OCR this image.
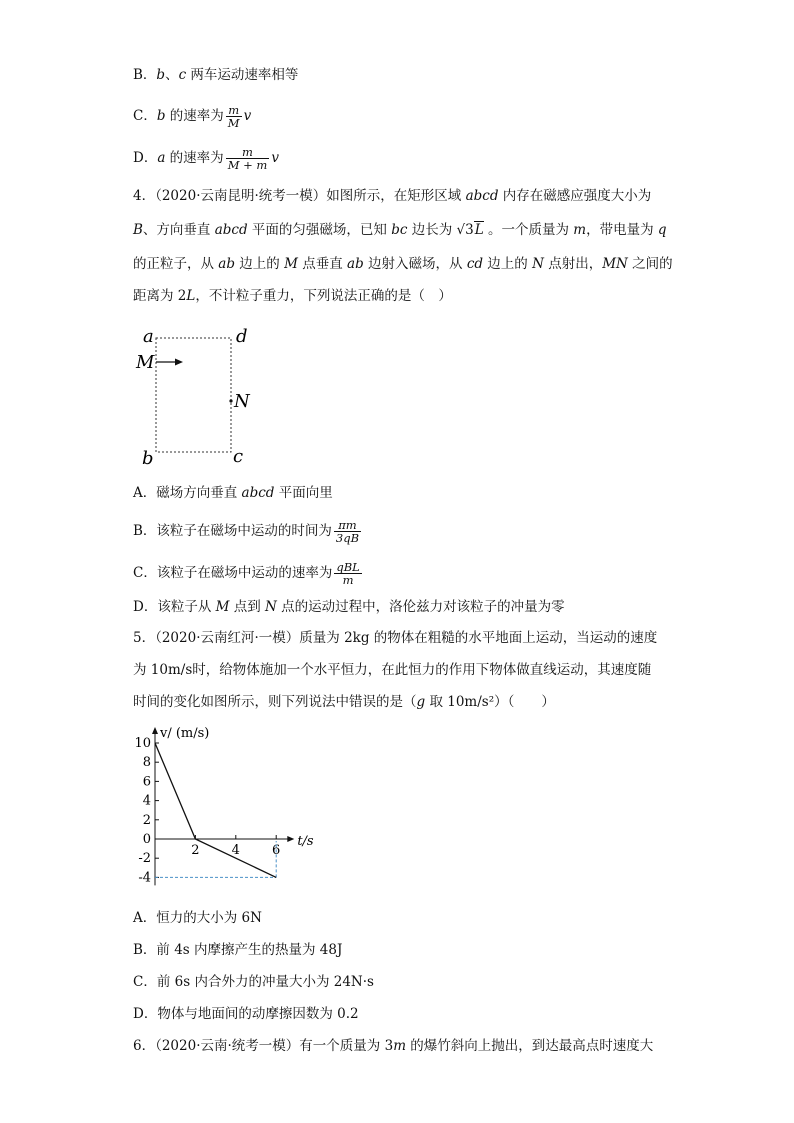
B．b、c 两车运动速率相等
C．b 的速率为 $\frac{m}{M}$ v
D．a 的速率为 $\frac{m}{M + m}$ v
4．（2020·云南昆明·统考一模）如图所示，在矩形区域 abcd 内存在磁感应强度大小为
B、方向垂直 abcd 平面的匀强磁场，已知 bc 边长为 √3L 。一个质量为 m，带电量为 q
的正粒子，从 ab 边上的 M 点垂直 ab 边射入磁场，从 cd 边上的 N 点射出，MN 之间的
距离为 2L，不计粒子重力，下列说法正确的是（　）
a	d
M
N
b	c
A．磁场方向垂直 abcd 平面向里
B．该粒子在磁场中运动的时间为 $\frac{\pi m}{3qB}$
C．该粒子在磁场中运动的速率为 $\frac{\text{qBL}}{m}$
D．该粒子从 M 点到 N 点的运动过程中，洛伦兹力对该粒子的冲量为零
5．（2020·云南红河·一模）质量为 2kg 的物体在粗糙的水平地面上运动，当运动的速度
为 10m/s时，给物体施加一个水平恒力，在此恒力的作用下物体做直线运动，其速度随
时间的变化如图所示，则下列说法中错误的是（g 取 10m/s²）（　　）
v/ (m/s)
t/s
10
8
6
4
2
0
-2
-4
2 4 6
A．恒力的大小为 6N
B．前 4s 内摩擦产生的热量为 48J
C．前 6s 内合外力的冲量大小为 24N·s
D．物体与地面间的动摩擦因数为 0.2
6．（2020·云南·统考一模）有一个质量为 3m 的爆竹斜向上抛出，到达最高点时速度大
